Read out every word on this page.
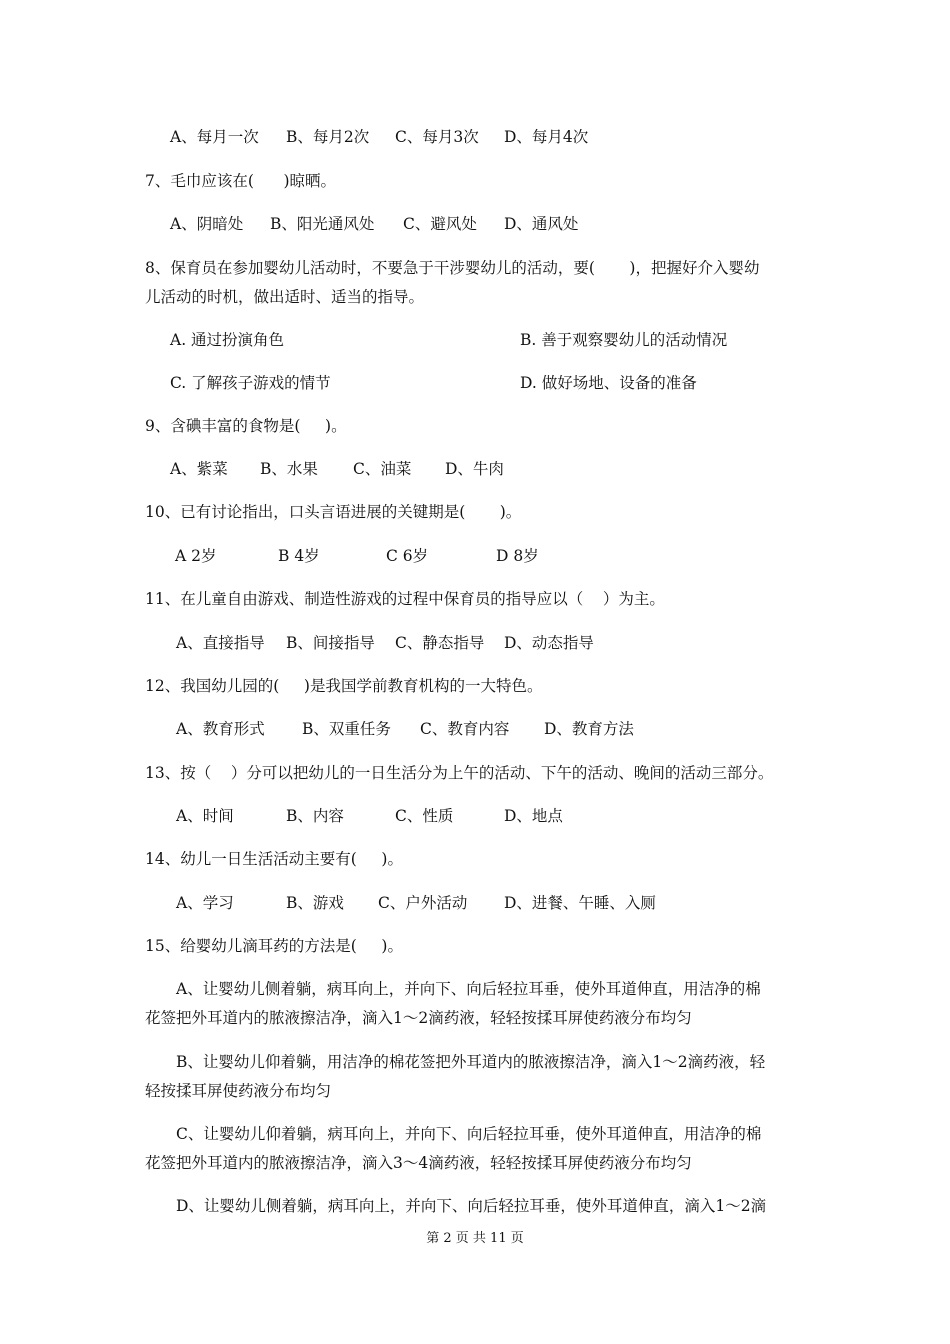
A、每月一次 B、每月2次 C、每月3次 D、每月4次
7、毛巾应该在(      )晾晒。
A、阴暗处 B、阳光通风处 C、避风处 D、通风处
8、保育员在参加婴幼儿活动时，不要急于干涉婴幼儿的活动，要(       )，把握好介入婴幼
儿活动的时机，做出适时、适当的指导。
A. 通过扮演角色	B. 善于观察婴幼儿的活动情况
C. 了解孩子游戏的情节	D. 做好场地、设备的准备
9、含碘丰富的食物是(     )。
A、紫菜 B、水果 C、油菜 D、牛肉
10、已有讨论指出，口头言语进展的关键期是(       )。
A 2岁	B 4岁	C 6岁	D 8岁
11、在儿童自由游戏、制造性游戏的过程中保育员的指导应以（    ）为主。
A、直接指导 B、间接指导 C、静态指导 D、动态指导
12、我国幼儿园的(     )是我国学前教育机构的一大特色。
A、教育形式 B、双重任务 C、教育内容 D、教育方法
13、按（    ）分可以把幼儿的一日生活分为上午的活动、下午的活动、晚间的活动三部分。
A、时间	B、内容	C、性质	D、地点
14、幼儿一日生活活动主要有(     )。
A、学习	B、游戏 C、户外活动 D、进餐、午睡、入厕
15、给婴幼儿滴耳药的方法是(     )。
A、让婴幼儿侧着躺，病耳向上，并向下、向后轻拉耳垂，使外耳道伸直，用洁净的棉
花签把外耳道内的脓液擦洁净，滴入1～2滴药液，轻轻按揉耳屏使药液分布均匀
B、让婴幼儿仰着躺，用洁净的棉花签把外耳道内的脓液擦洁净，滴入1～2滴药液，轻
轻按揉耳屏使药液分布均匀
C、让婴幼儿仰着躺，病耳向上，并向下、向后轻拉耳垂，使外耳道伸直，用洁净的棉
花签把外耳道内的脓液擦洁净，滴入3～4滴药液，轻轻按揉耳屏使药液分布均匀
D、让婴幼儿侧着躺，病耳向上，并向下、向后轻拉耳垂，使外耳道伸直，滴入1～2滴
第 2 页 共 11 页
